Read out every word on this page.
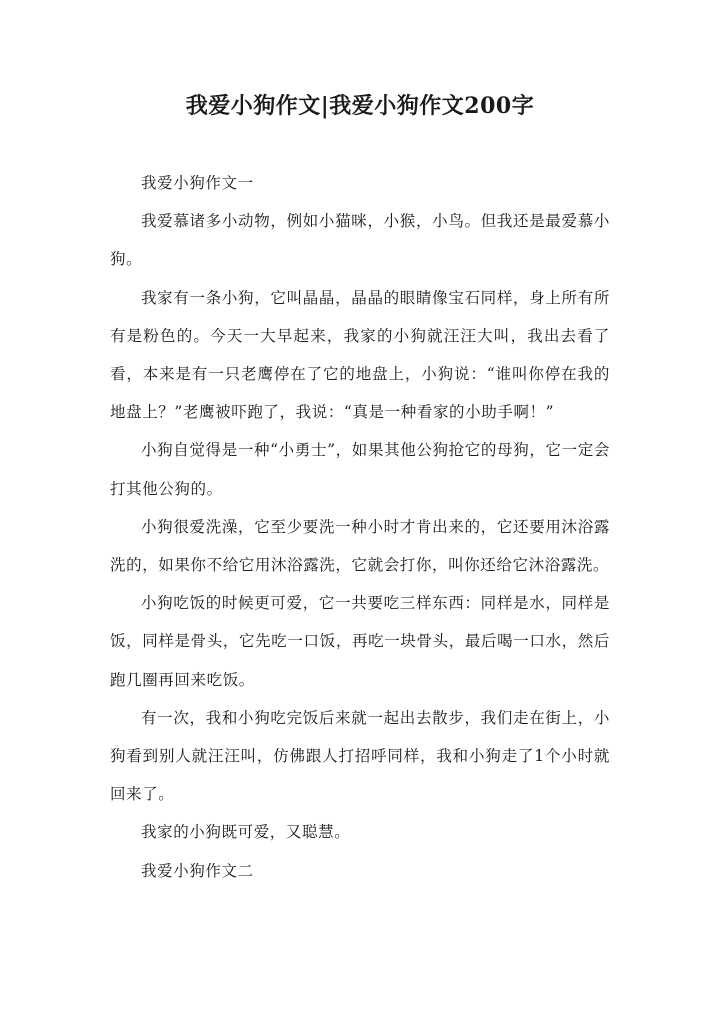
我爱小狗作文|我爱小狗作文200字

我爱小狗作文一

我爱慕诸多小动物，例如小猫咪，小猴，小鸟。但我还是最爱慕小狗。

我家有一条小狗，它叫晶晶，晶晶的眼睛像宝石同样，身上所有所有是粉色的。今天一大早起来，我家的小狗就汪汪大叫，我出去看了看，本来是有一只老鹰停在了它的地盘上，小狗说：“谁叫你停在我的地盘上？”老鹰被吓跑了，我说：“真是一种看家的小助手啊！”

小狗自觉得是一种“小勇士”，如果其他公狗抢它的母狗，它一定会打其他公狗的。

小狗很爱洗澡，它至少要洗一种小时才肯出来的，它还要用沐浴露洗的，如果你不给它用沐浴露洗，它就会打你，叫你还给它沐浴露洗。

小狗吃饭的时候更可爱，它一共要吃三样东西：同样是水，同样是饭，同样是骨头，它先吃一口饭，再吃一块骨头，最后喝一口水，然后跑几圈再回来吃饭。

有一次，我和小狗吃完饭后来就一起出去散步，我们走在街上，小狗看到别人就汪汪叫，仿佛跟人打招呼同样，我和小狗走了1个小时就回来了。

我家的小狗既可爱，又聪慧。

我爱小狗作文二
